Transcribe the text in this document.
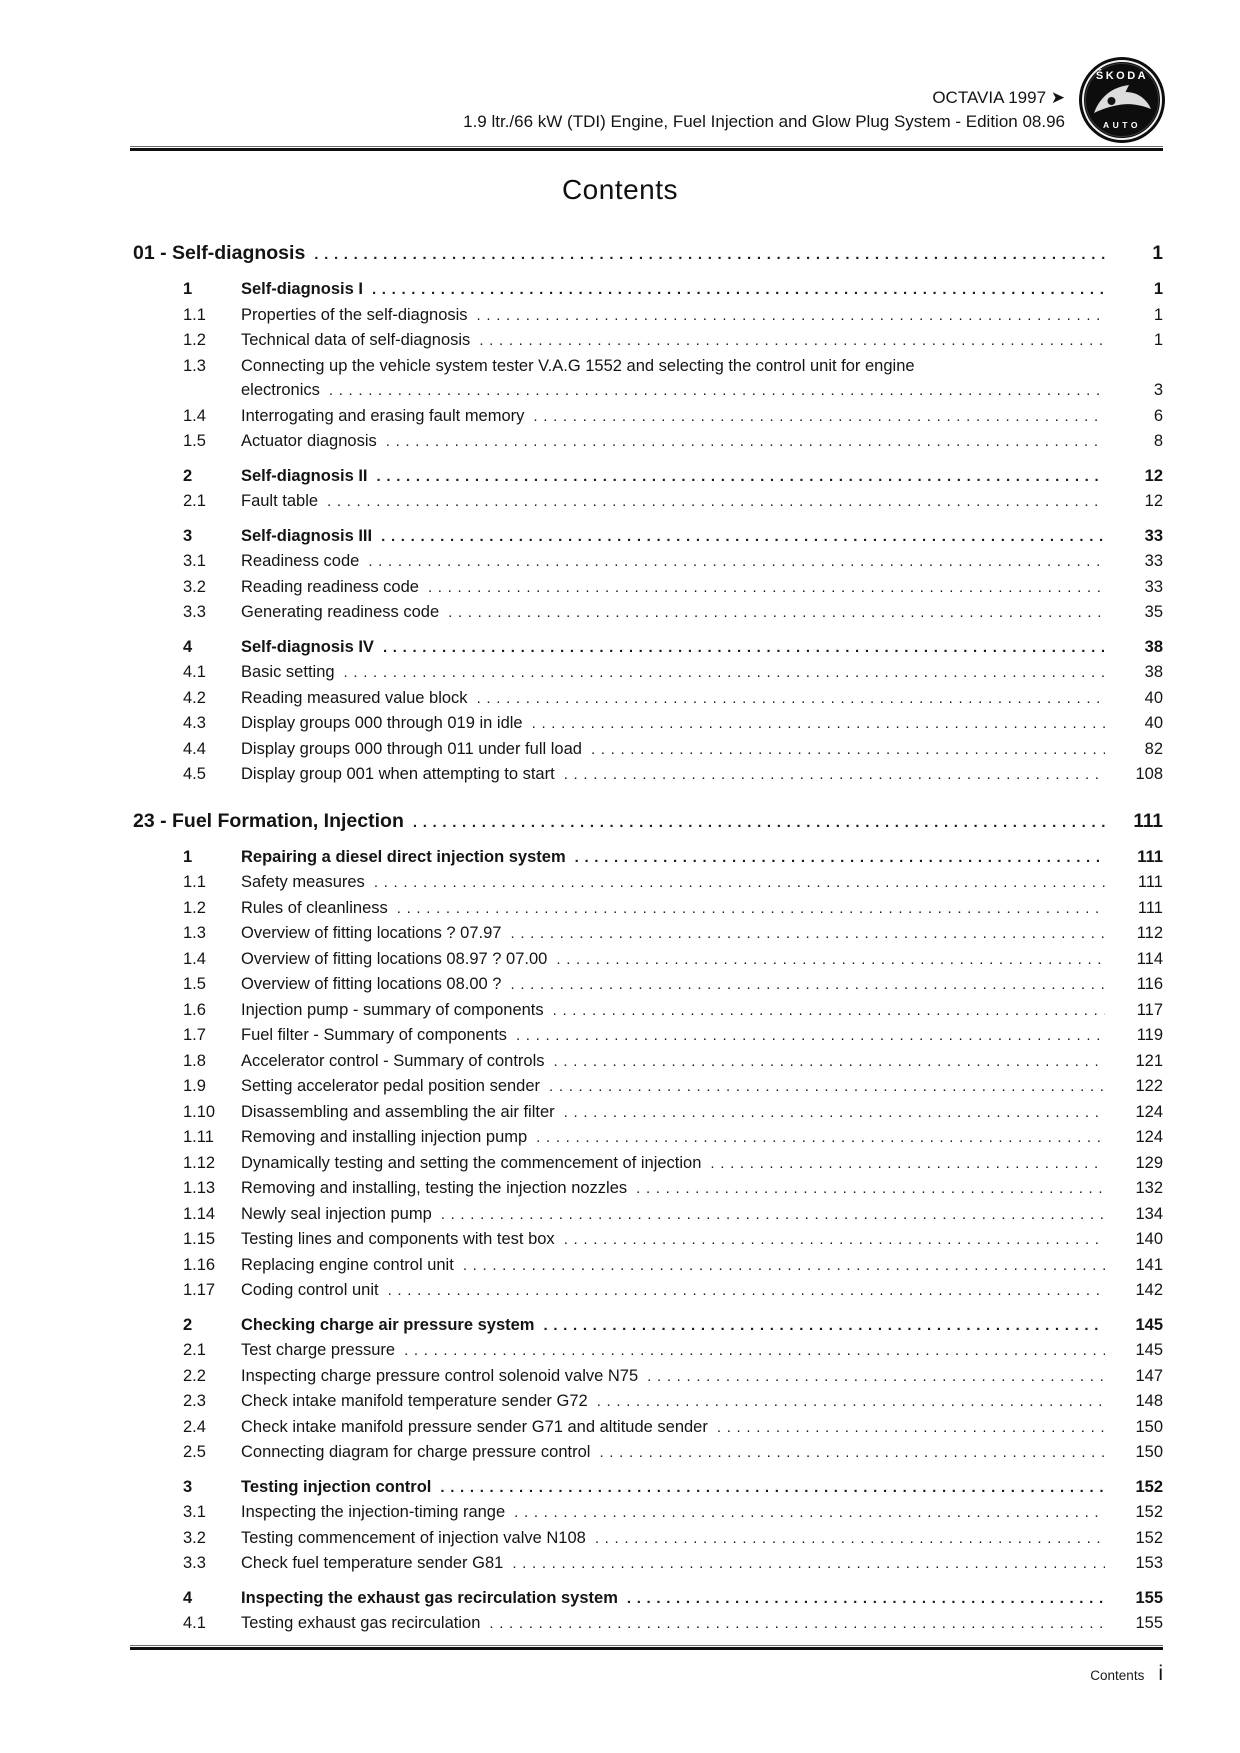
OCTAVIA 1997 ➤
1.9 ltr./66 kW (TDI) Engine, Fuel Injection and Glow Plug System - Edition 08.96
ŠKODA
AUTO
Contents
01 - Self-diagnosis . . .	1
1	Self-diagnosis I . . .	1
1.1	Properties of the self-diagnosis . . .	1
1.2	Technical data of self-diagnosis . . .	1
1.3	Connecting up the vehicle system tester V.A.G 1552 and selecting the control unit for engine
electronics . . .	3
1.4	Interrogating and erasing fault memory . . .	6
1.5	Actuator diagnosis . . .	8
2	Self-diagnosis II . . .	12
2.1	Fault table . . .	12
3	Self-diagnosis III . . .	33
3.1	Readiness code . . .	33
3.2	Reading readiness code . . .	33
3.3	Generating readiness code . . .	35
4	Self-diagnosis IV . . .	38
4.1	Basic setting . . .	38
4.2	Reading measured value block . . .	40
4.3	Display groups 000 through 019 in idle . . .	40
4.4	Display groups 000 through 011 under full load . . .	82
4.5	Display group 001 when attempting to start . . .	108
23 - Fuel Formation, Injection . . .	111
1	Repairing a diesel direct injection system . . .	111
1.1	Safety measures . . .	111
1.2	Rules of cleanliness . . .	111
1.3	Overview of fitting locations ? 07.97 . . .	112
1.4	Overview of fitting locations 08.97 ? 07.00 . . .	114
1.5	Overview of fitting locations 08.00 ? . . .	116
1.6	Injection pump - summary of components . . .	117
1.7	Fuel filter - Summary of components . . .	119
1.8	Accelerator control - Summary of controls . . .	121
1.9	Setting accelerator pedal position sender . . .	122
1.10	Disassembling and assembling the air filter . . .	124
1.11	Removing and installing injection pump . . .	124
1.12	Dynamically testing and setting the commencement of injection . . .	129
1.13	Removing and installing, testing the injection nozzles . . .	132
1.14	Newly seal injection pump . . .	134
1.15	Testing lines and components with test box . . .	140
1.16	Replacing engine control unit . . .	141
1.17	Coding control unit . . .	142
2	Checking charge air pressure system . . .	145
2.1	Test charge pressure . . .	145
2.2	Inspecting charge pressure control solenoid valve N75 . . .	147
2.3	Check intake manifold temperature sender G72 . . .	148
2.4	Check intake manifold pressure sender G71 and altitude sender . . .	150
2.5	Connecting diagram for charge pressure control . . .	150
3	Testing injection control . . .	152
3.1	Inspecting the injection-timing range . . .	152
3.2	Testing commencement of injection valve N108 . . .	152
3.3	Check fuel temperature sender G81 . . .	153
4	Inspecting the exhaust gas recirculation system . . .	155
4.1	Testing exhaust gas recirculation . . .	155
Contents i
